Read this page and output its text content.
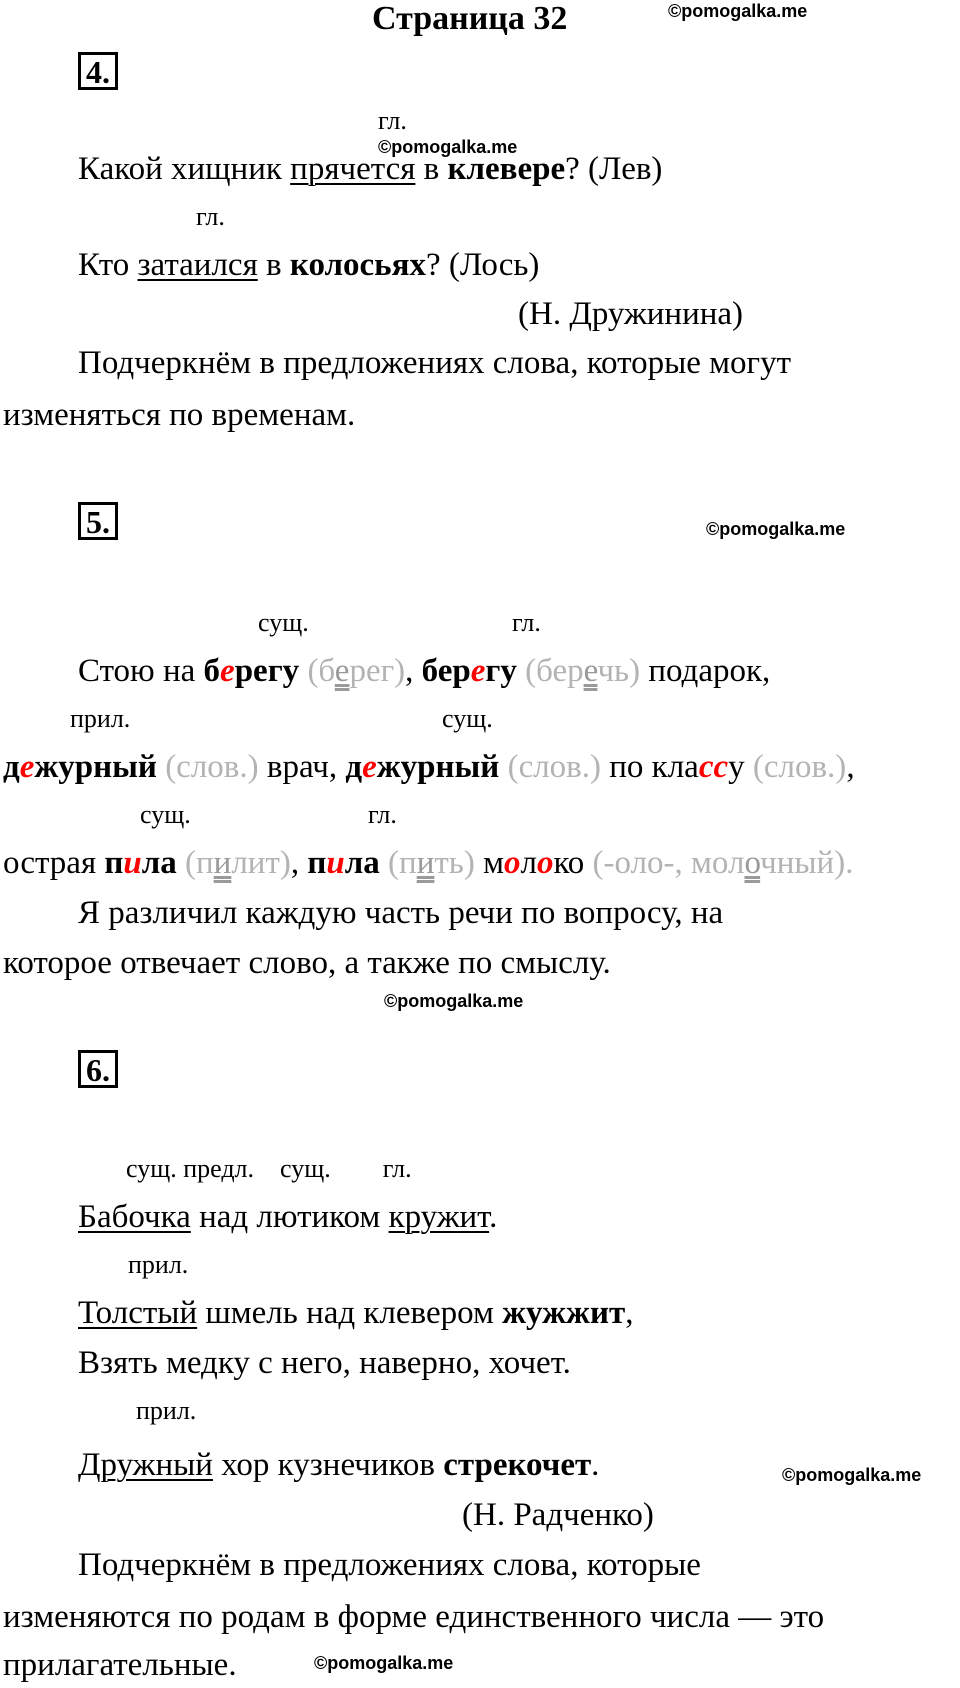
Страница 32	©pomogalka.me
4.
гл.
©pomogalka.me
Какой хищник прячется в клевере? (Лев)
гл.
Кто затаился в колосьях? (Лось)
(Н. Дружинина)
Подчеркнём в предложениях слова, которые могут
изменяться по временам.
5.	©pomogalka.me
сущ.	гл.
Стою на берегу (берег), берегу (беречь) подарок,
прил.	сущ.
дежурный (слов.) врач, дежурный (слов.) по классу (слов.),
сущ.	гл.
острая пила (пилит), пила (пить) молоко (-оло-, молочный).
Я различил каждую часть речи по вопросу, на
которое отвечает слово, а также по смыслу.
©pomogalka.me
6.
сущ. предл.    сущ.        гл.
Бабочка над лютиком кружит.
прил.
Толстый шмель над клевером жужжит,
Взять медку с него, наверно, хочет.
прил.
Дружный хор кузнечиков стрекочет.	©pomogalka.me
(Н. Радченко)
Подчеркнём в предложениях слова, которые
изменяются по родам в форме единственного числа — это
прилагательные.	©pomogalka.me
